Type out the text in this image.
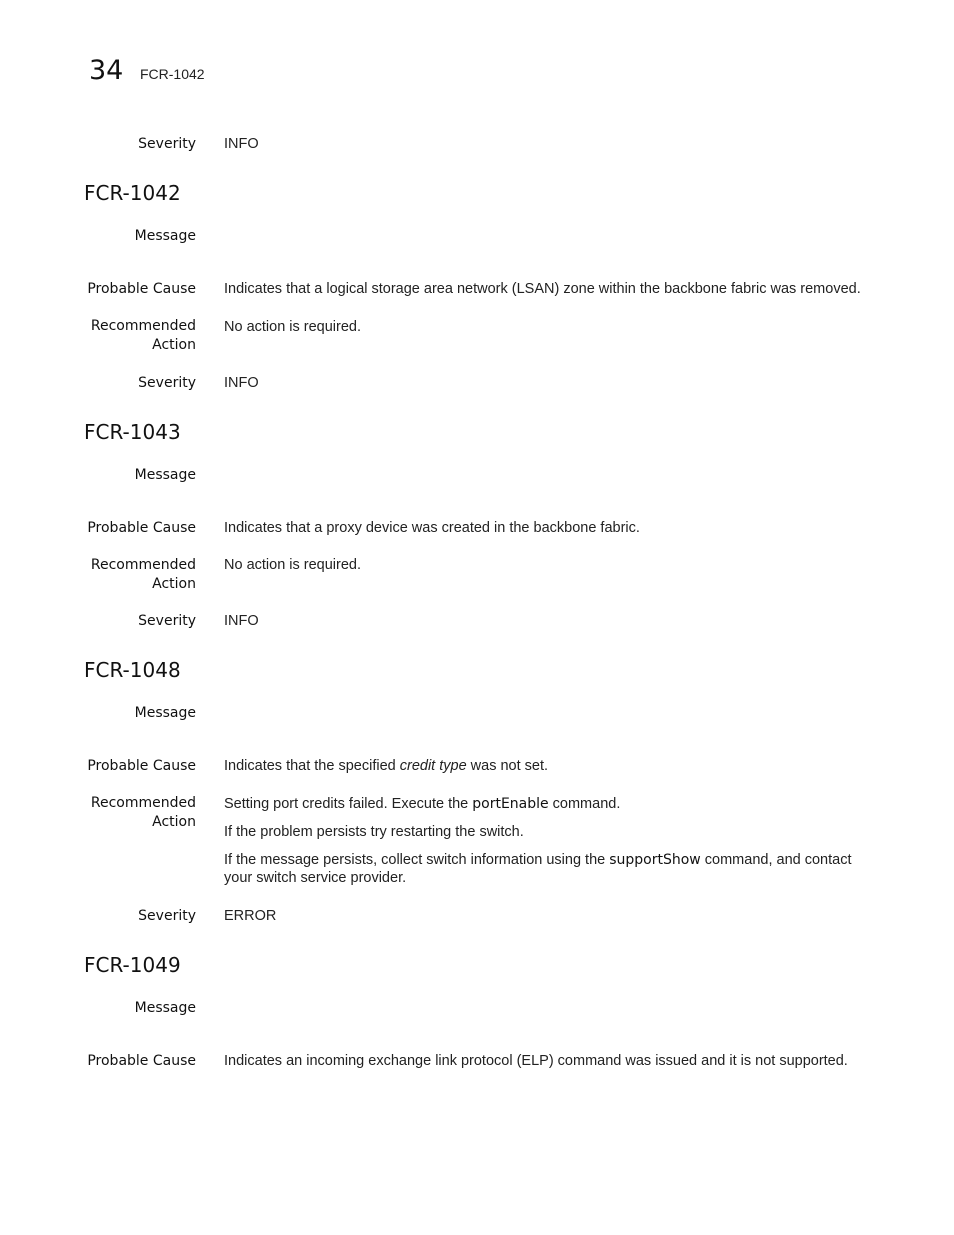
34 FCR-1042
Severity INFO
FCR-1042
Message
Probable Cause Indicates that a logical storage area network (LSAN) zone within the backbone fabric was removed.
Recommended
Action
No action is required.
Severity INFO
FCR-1043
Message
Probable Cause Indicates that a proxy device was created in the backbone fabric.
Recommended
Action
No action is required.
Severity INFO
FCR-1048
Message
Probable Cause Indicates that the specified credit type was not set.
Recommended
Action
Setting port credits failed. Execute the portEnable command.
If the problem persists try restarting the switch.
If the message persists, collect switch information using the supportShow command, and contact your switch service provider.
Severity ERROR
FCR-1049
Message
Probable Cause Indicates an incoming exchange link protocol (ELP) command was issued and it is not supported.
